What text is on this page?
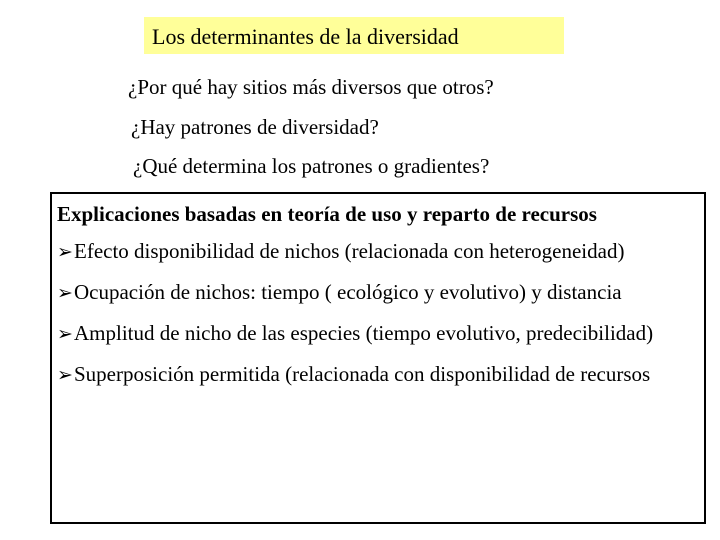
Los determinantes de la diversidad
¿Por qué hay sitios más diversos que otros?
¿Hay patrones de diversidad?
¿Qué determina los patrones o gradientes?
Explicaciones basadas en teoría de uso y reparto de recursos
➢Efecto disponibilidad de nichos (relacionada con heterogeneidad)
➢Ocupación de nichos: tiempo ( ecológico y evolutivo) y distancia
➢Amplitud de nicho de las especies (tiempo evolutivo, predecibilidad)
➢Superposición permitida (relacionada con disponibilidad de recursos
